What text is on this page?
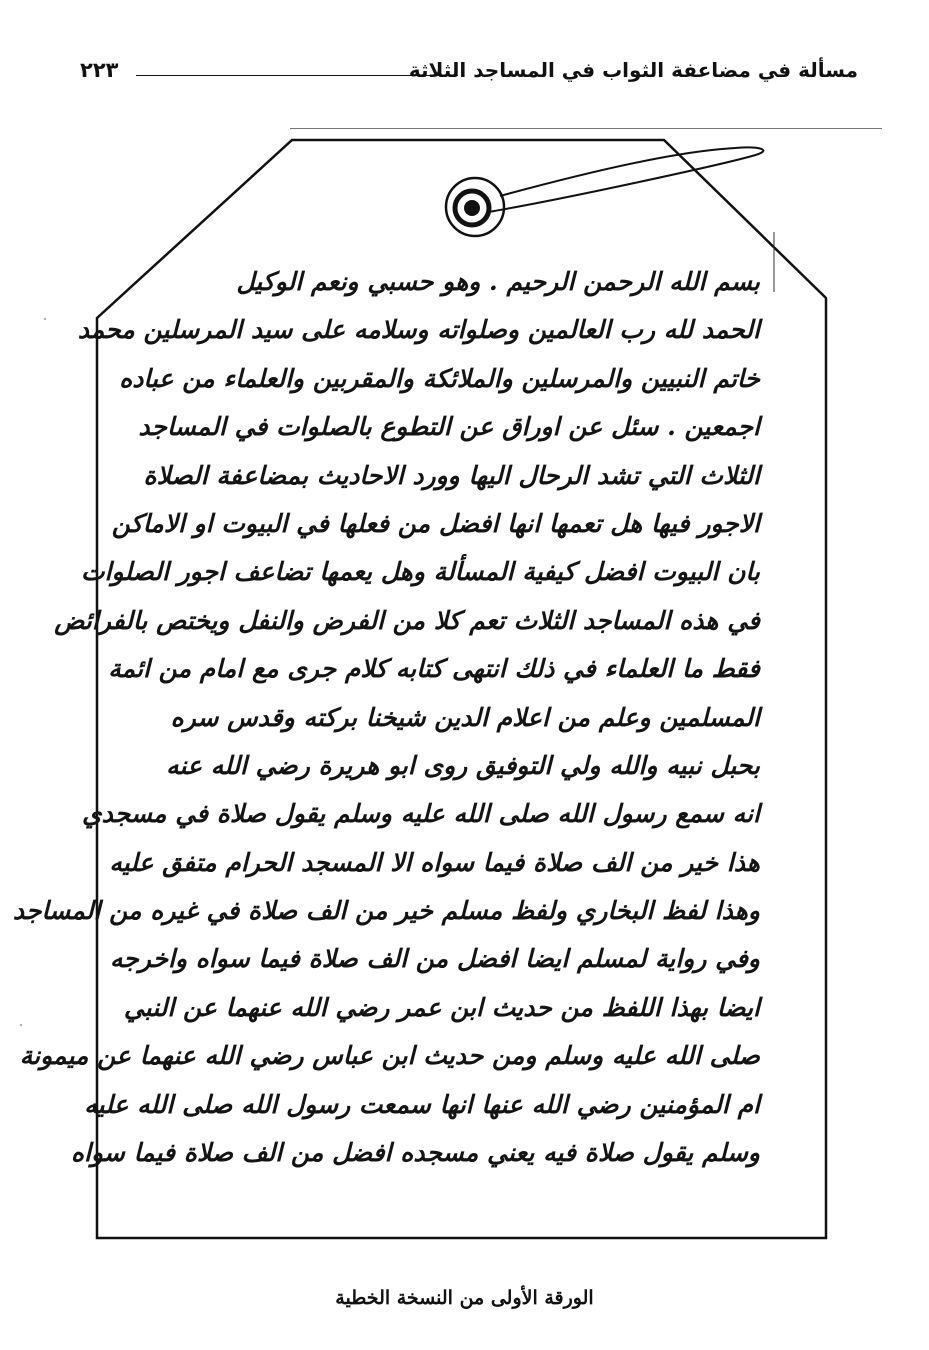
٢٢٣	مسألة في مضاعفة الثواب في المساجد الثلاثة
بسم الله الرحمن الرحيم . وهو حسبي ونعم الوكيل
الحمد لله رب العالمين وصلواته وسلامه على سيد المرسلين محمد
خاتم النبيين والمرسلين والملائكة والمقربين والعلماء من عباده
اجمعين . سئل عن اوراق عن التطوع بالصلوات في المساجد
الثلاث التي تشد الرحال اليها وورد الاحاديث بمضاعفة الصلاة
الاجور فيها هل تعمها انها افضل من فعلها في البيوت او الاماكن
بان البيوت افضل كيفية المسألة وهل يعمها تضاعف اجور الصلوات
في هذه المساجد الثلاث تعم كلا من الفرض والنفل ويختص بالفرائض
فقط ما العلماء في ذلك انتهى كتابه كلام جرى مع امام من ائمة
المسلمين وعلم من اعلام الدين شيخنا بركته وقدس سره
بحبل نبيه والله ولي التوفيق روى ابو هريرة رضي الله عنه
انه سمع رسول الله صلى الله عليه وسلم يقول صلاة في مسجدي
هذا خير من الف صلاة فيما سواه الا المسجد الحرام متفق عليه
وهذا لفظ البخاري ولفظ مسلم خير من الف صلاة في غيره من المساجد
وفي رواية لمسلم ايضا افضل من الف صلاة فيما سواه واخرجه
ايضا بهذا اللفظ من حديث ابن عمر رضي الله عنهما عن النبي
صلى الله عليه وسلم ومن حديث ابن عباس رضي الله عنهما عن ميمونة
ام المؤمنين رضي الله عنها انها سمعت رسول الله صلى الله عليه
وسلم يقول صلاة فيه يعني مسجده افضل من الف صلاة فيما سواه
الورقة الأولى من النسخة الخطية
